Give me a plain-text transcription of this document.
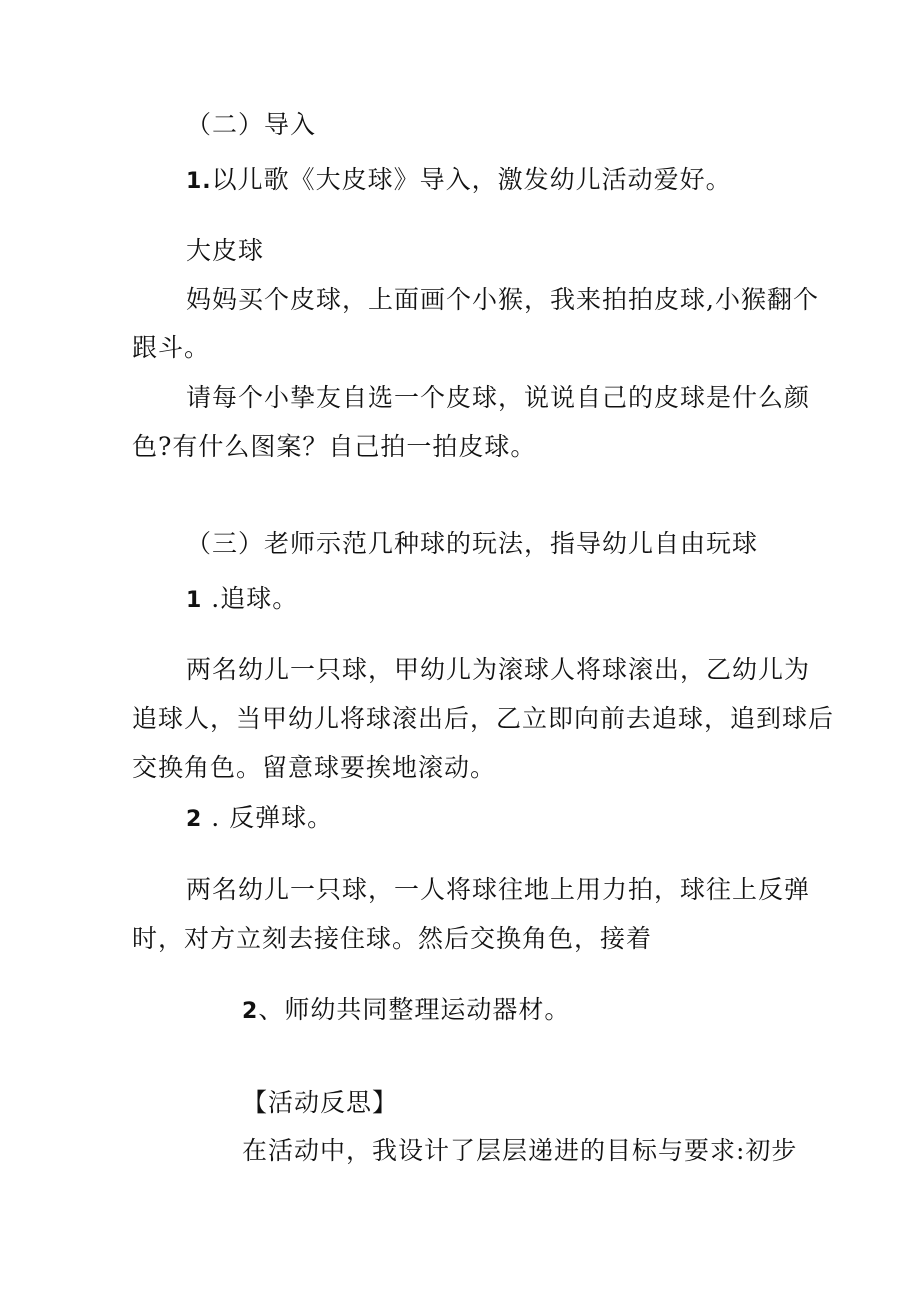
（二）导入
1.以儿歌《大皮球》导入，激发幼儿活动爱好。
大皮球
妈妈买个皮球，上面画个小猴，我来拍拍皮球,小猴翻个
跟斗。
请每个小挚友自选一个皮球，说说自己的皮球是什么颜
色?有什么图案？自己拍一拍皮球。
（三）老师示范几种球的玩法，指导幼儿自由玩球
1 .追球。
两名幼儿一只球，甲幼儿为滚球人将球滚出，乙幼儿为
追球人，当甲幼儿将球滚出后，乙立即向前去追球，追到球后
交换角色。留意球要挨地滚动。
2 . 反弹球。
两名幼儿一只球，一人将球往地上用力拍，球往上反弹
时，对方立刻去接住球。然后交换角色，接着
2、师幼共同整理运动器材。
【活动反思】
在活动中，我设计了层层递进的目标与要求:初步
